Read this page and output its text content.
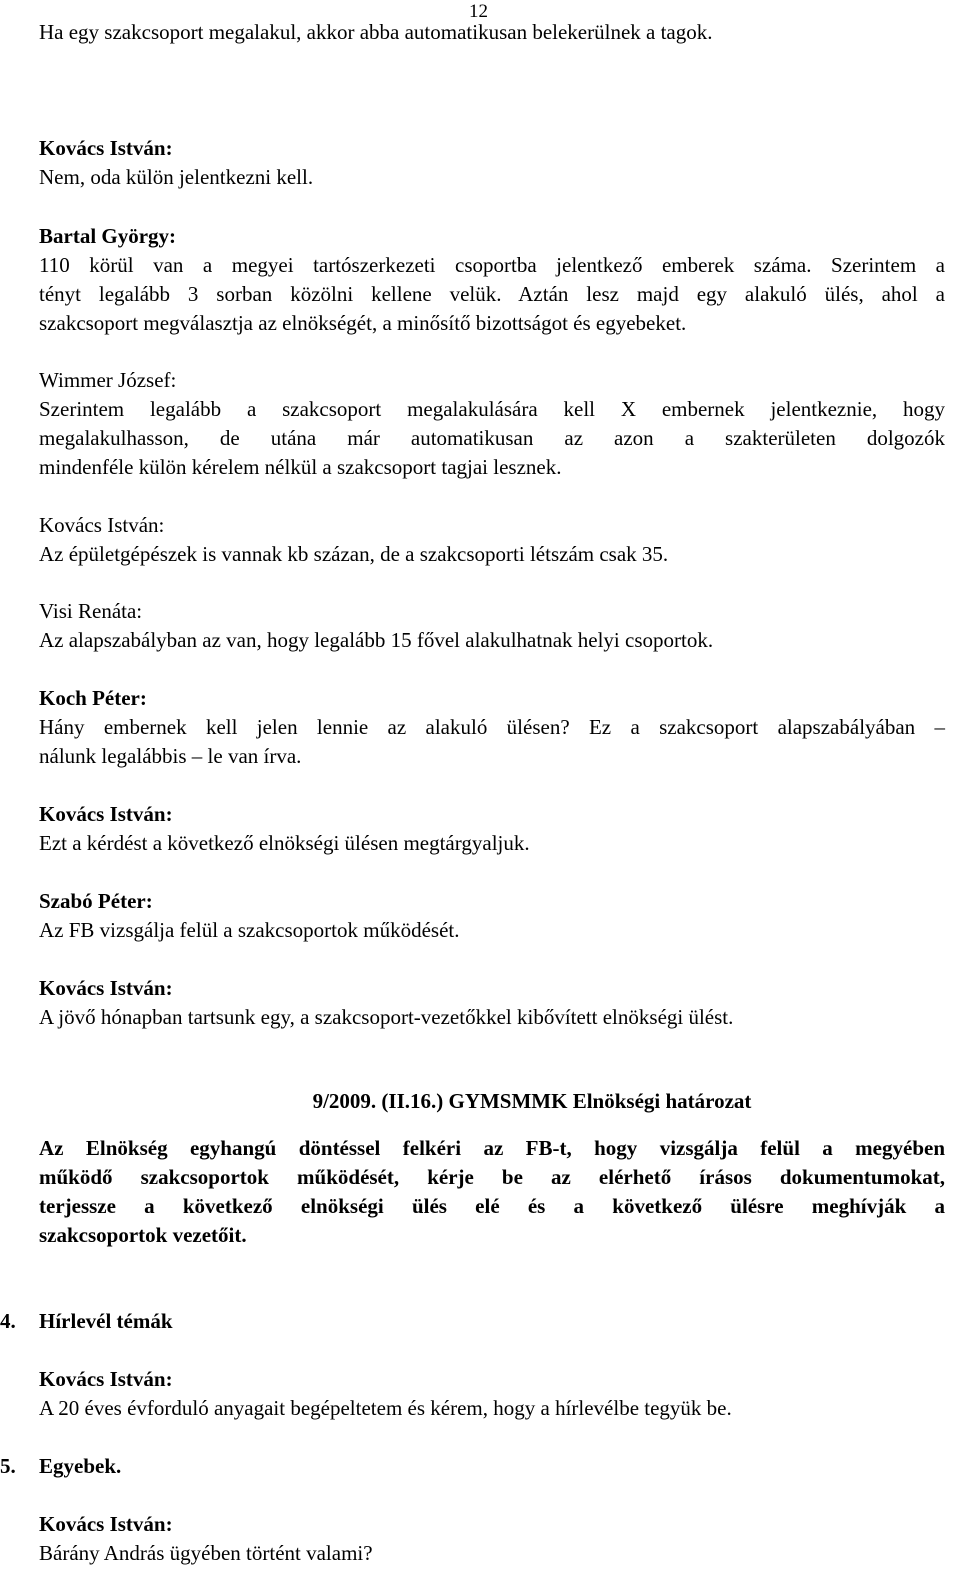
12

Ha egy szakcsoport megalakul, akkor abba automatikusan belekerülnek a tagok.

Kovács István:

Nem, oda külön jelentkezni kell.

Bartal György:

110 körül van a megyei tartószerkezeti csoportba jelentkező emberek száma. Szerintem a

tényt legalább 3 sorban közölni kellene velük. Aztán lesz majd egy alakuló ülés, ahol a

szakcsoport megválasztja az elnökségét, a minősítő bizottságot és egyebeket.

Wimmer József:

Szerintem legalább a szakcsoport megalakulására kell X embernek jelentkeznie, hogy

megalakulhasson, de utána már automatikusan az azon a szakterületen dolgozók

mindenféle külön kérelem nélkül a szakcsoport tagjai lesznek.

Kovács István:

Az épületgépészek is vannak kb százan, de a szakcsoporti létszám csak 35.

Visi Renáta:

Az alapszabályban az van, hogy legalább 15 fővel alakulhatnak helyi csoportok.

Koch Péter:

Hány embernek kell jelen lennie az alakuló ülésen? Ez a szakcsoport alapszabályában –

nálunk legalábbis – le van írva.

Kovács István:

Ezt a kérdést a következő elnökségi ülésen megtárgyaljuk.

Szabó Péter:

Az FB vizsgálja felül a szakcsoportok működését.

Kovács István:

A jövő hónapban tartsunk egy, a szakcsoport-vezetőkkel kibővített elnökségi ülést.

9/2009. (II.16.) GYMSMMK Elnökségi határozat

Az Elnökség egyhangú döntéssel felkéri az FB-t, hogy vizsgálja felül a megyében

működő szakcsoportok működését, kérje be az elérhető írásos dokumentumokat,

terjessze a következő elnökségi ülés elé és a következő ülésre meghívják a

szakcsoportok vezetőit.

4. Hírlevél témák

Kovács István:

A 20 éves évforduló anyagait begépeltetem és kérem, hogy a hírlevélbe tegyük be.

5. Egyebek.

Kovács István:

Bárány András ügyében történt valami?
